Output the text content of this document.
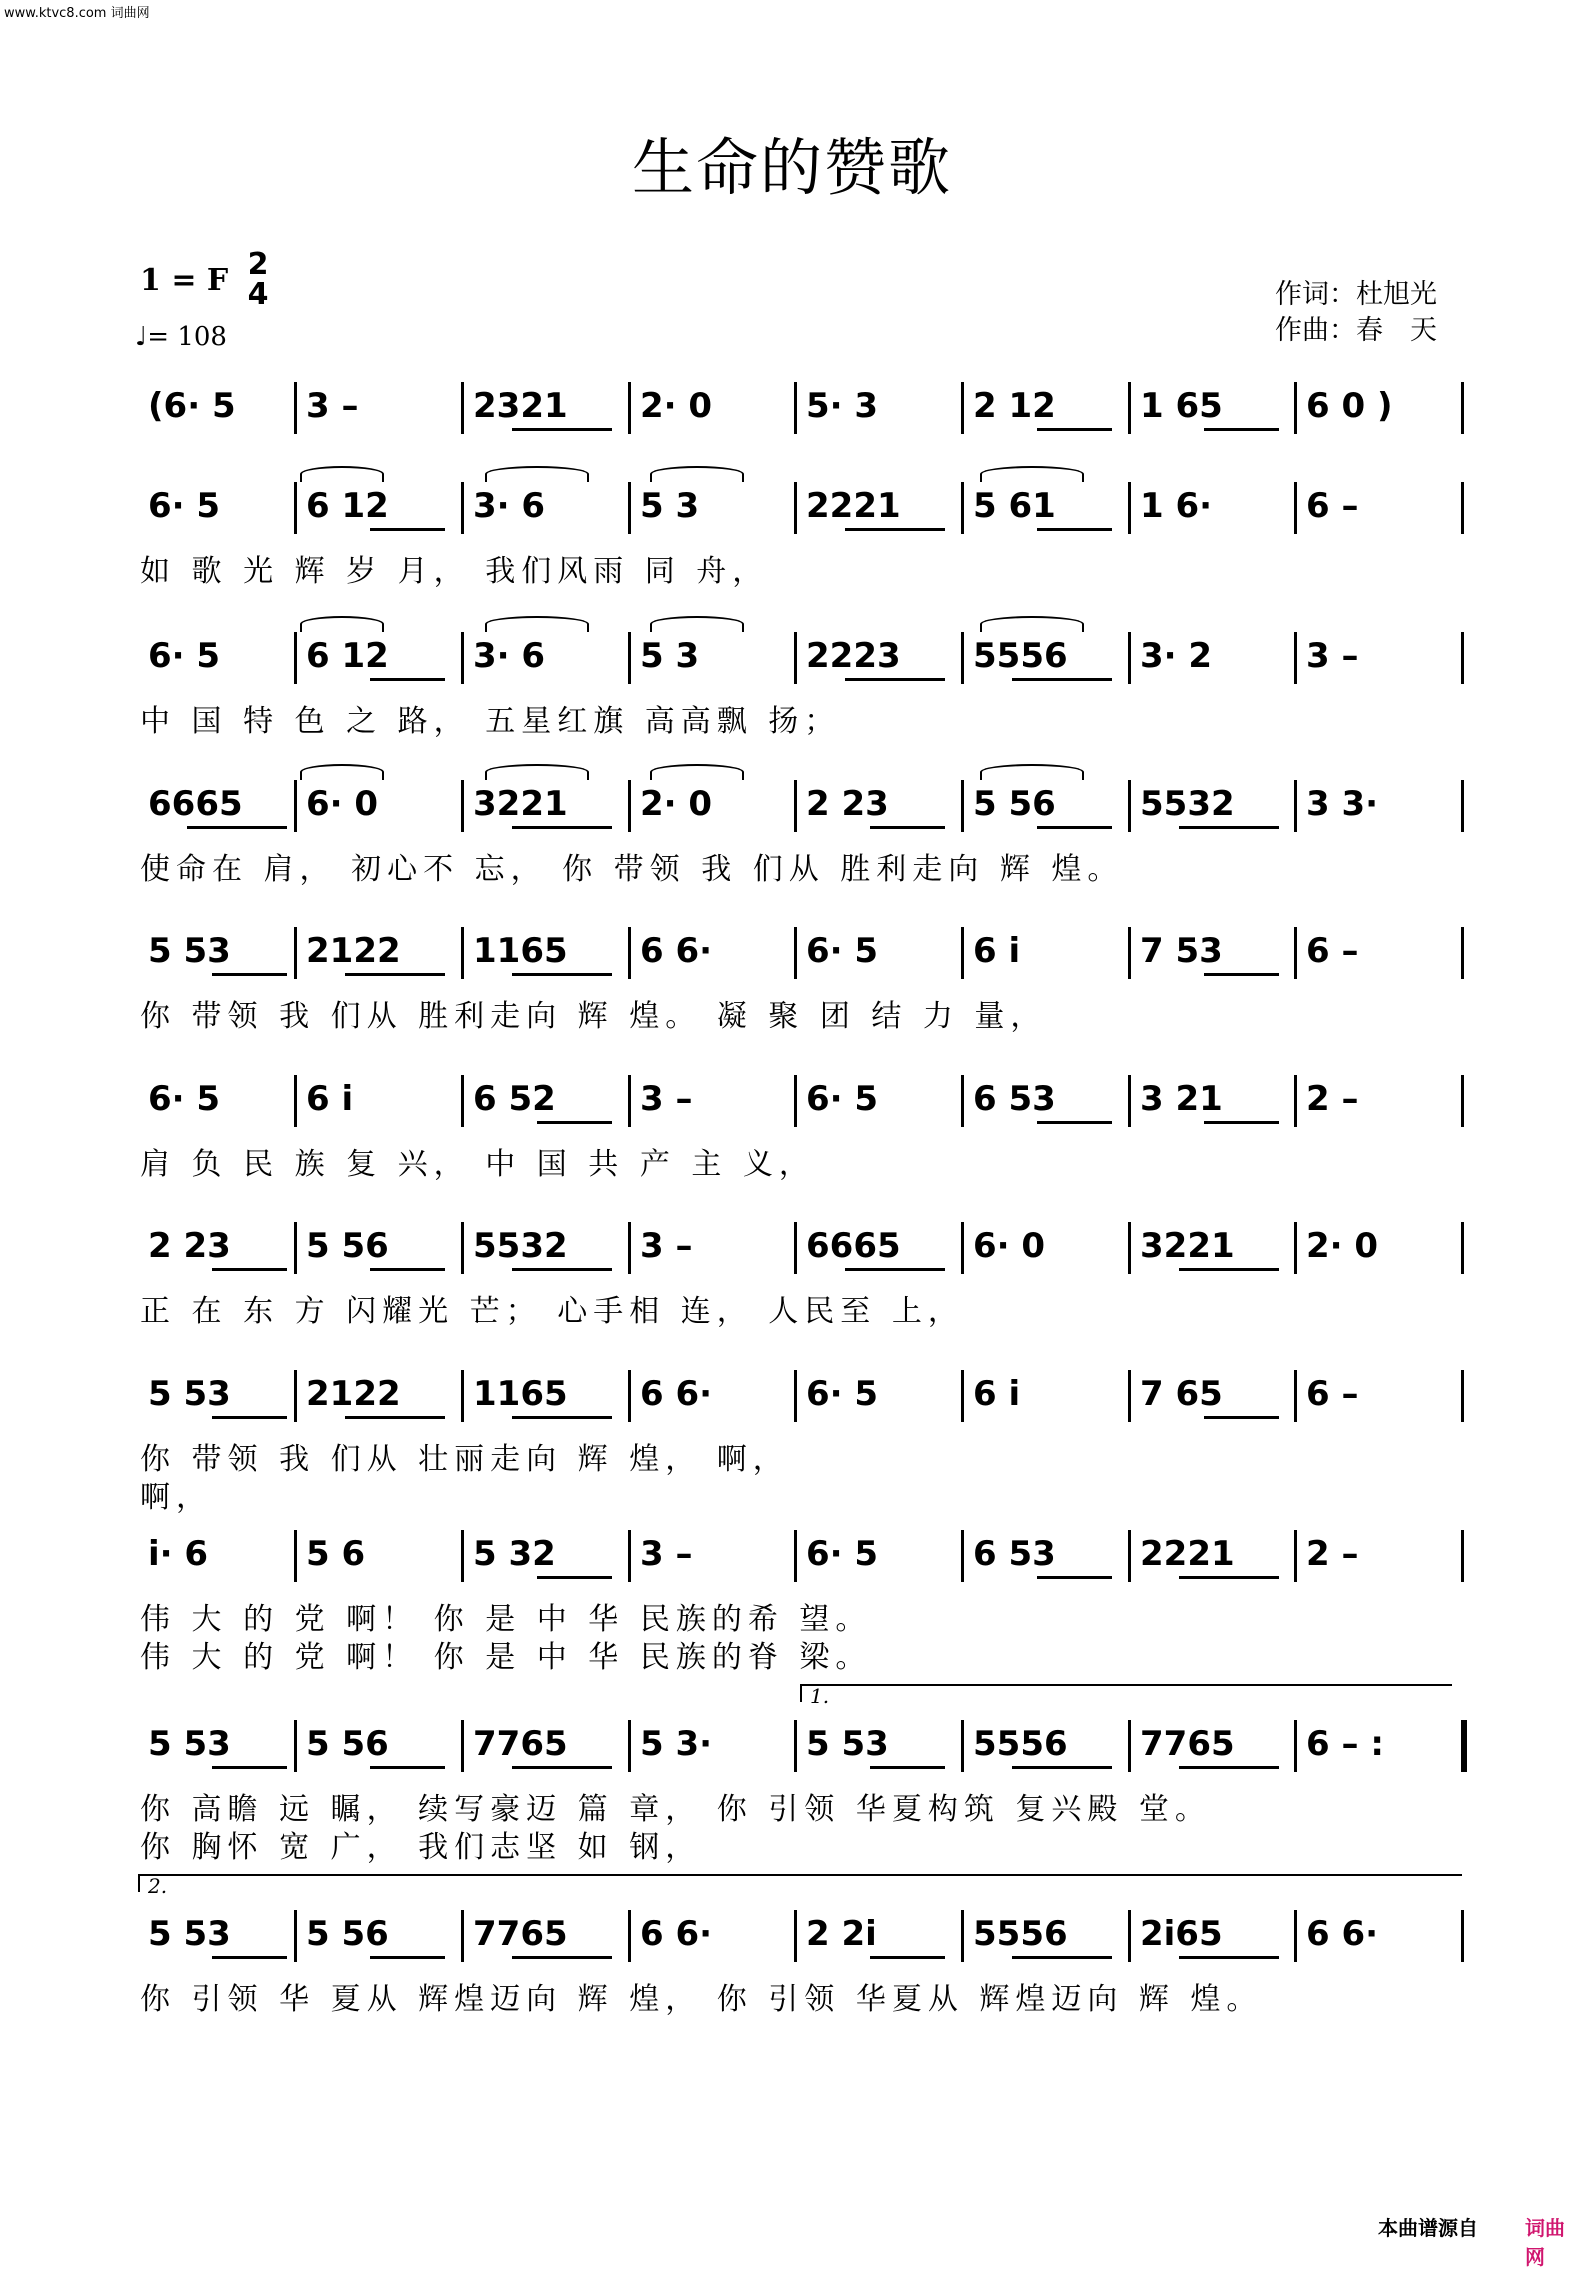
www.ktvc8.com 词曲网
生命的赞歌
1 = F 2
4
♩= 108
作词：杜旭光
作曲：春　天
(6· 5	3 –	2321	2· 0	5· 3	2 12	1 65	6 0 )
6· 5	6 12	3· 6	5 3	2221	5 61	1 6·	6 –
如 歌 光 辉 岁 月， 我们风雨 同 舟，
6· 5	6 12	3· 6	5 3	2223	5556	3· 2	3 –
中 国 特 色 之 路， 五星红旗 高高飘 扬；
6665	6· 0	3221	2· 0	2 23	5 56	5532	3 3·
使命在 肩， 初心不 忘， 你 带领 我 们从 胜利走向 辉 煌。
5 53	2122	1165	6 6·	6· 5	6 i	7 53	6 –
你 带领 我 们从 胜利走向 辉 煌。 凝 聚 团 结 力 量，
6· 5	6 i	6 52	3 –	6· 5	6 53	3 21	2 –
肩 负 民 族 复 兴， 中 国 共 产 主 义，
2 23	5 56	5532	3 –	6665	6· 0	3221	2· 0
正 在 东 方 闪耀光 芒； 心手相 连， 人民至 上，
5 53	2122	1165	6 6·	6· 5	6 i	7 65	6 –
你 带领 我 们从 壮丽走向 辉 煌， 啊，
啊，
i· 6	5 6	5 32	3 –	6· 5	6 53	2221	2 –
伟 大 的 党 啊！ 你 是 中 华 民族的希 望。
伟 大 的 党 啊！ 你 是 中 华 民族的脊 梁。
1.
5 53	5 56	7765	5 3·	5 53	5556	7765	6 – :
你 高瞻 远 瞩， 续写豪迈 篇 章， 你 引领 华夏构筑 复兴殿 堂。
你 胸怀 宽 广， 我们志坚 如 钢，
2.
5 53	5 56	7765	6 6·	2 2i	5556	2i65	6 6·
你 引领 华 夏从 辉煌迈向 辉 煌， 你 引领 华夏从 辉煌迈向 辉 煌。
本曲谱源自 词曲网
